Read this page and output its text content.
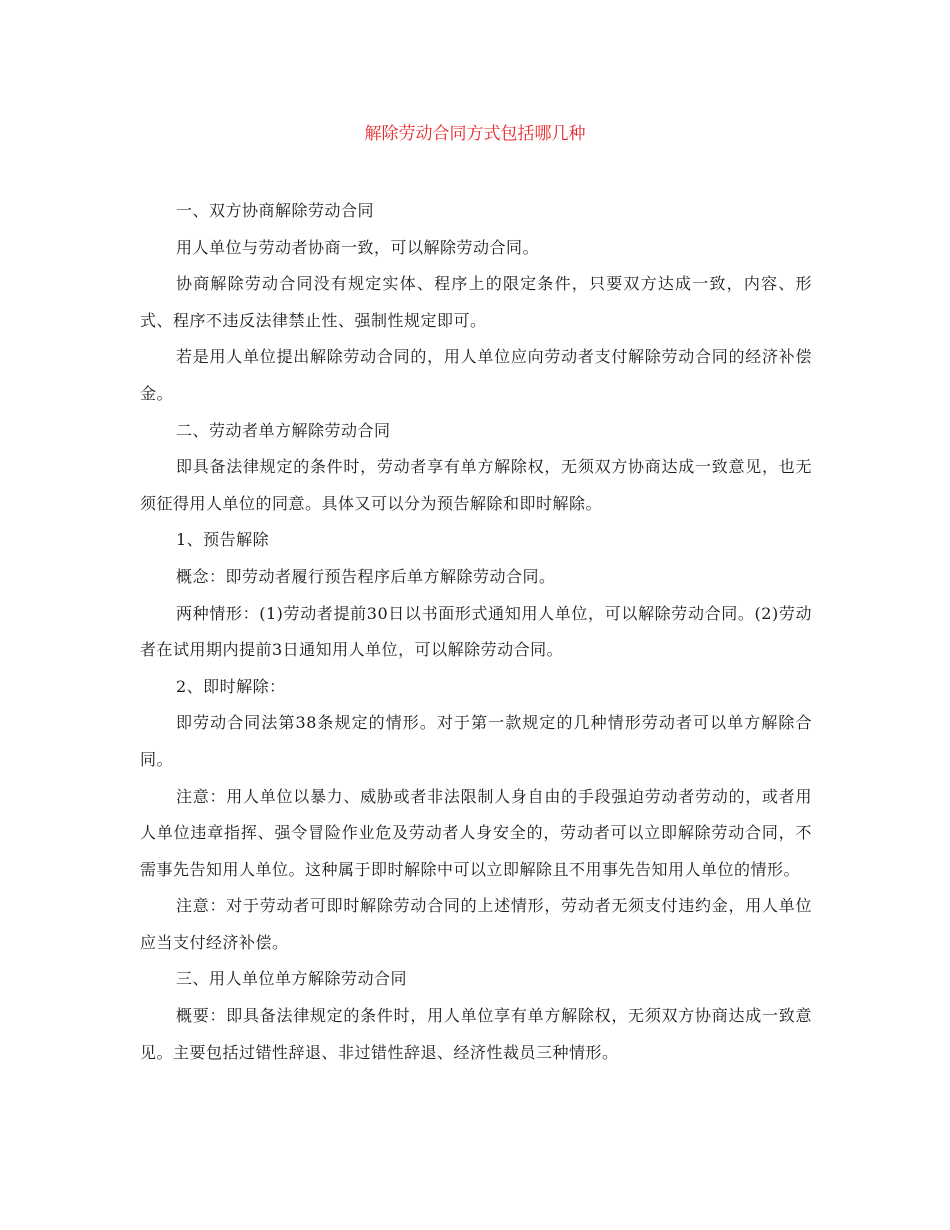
解除劳动合同方式包括哪几种

一、双方协商解除劳动合同

用人单位与劳动者协商一致，可以解除劳动合同。

协商解除劳动合同没有规定实体、程序上的限定条件，只要双方达成一致，内容、形式、程序不违反法律禁止性、强制性规定即可。

若是用人单位提出解除劳动合同的，用人单位应向劳动者支付解除劳动合同的经济补偿金。

二、劳动者单方解除劳动合同

即具备法律规定的条件时，劳动者享有单方解除权，无须双方协商达成一致意见，也无须征得用人单位的同意。具体又可以分为预告解除和即时解除。

1、预告解除

概念：即劳动者履行预告程序后单方解除劳动合同。

两种情形：(1)劳动者提前30日以书面形式通知用人单位，可以解除劳动合同。(2)劳动者在试用期内提前3日通知用人单位，可以解除劳动合同。

2、即时解除：

即劳动合同法第38条规定的情形。对于第一款规定的几种情形劳动者可以单方解除合同。

注意：用人单位以暴力、威胁或者非法限制人身自由的手段强迫劳动者劳动的，或者用人单位违章指挥、强令冒险作业危及劳动者人身安全的，劳动者可以立即解除劳动合同，不需事先告知用人单位。这种属于即时解除中可以立即解除且不用事先告知用人单位的情形。

注意：对于劳动者可即时解除劳动合同的上述情形，劳动者无须支付违约金，用人单位应当支付经济补偿。

三、用人单位单方解除劳动合同

概要：即具备法律规定的条件时，用人单位享有单方解除权，无须双方协商达成一致意见。主要包括过错性辞退、非过错性辞退、经济性裁员三种情形。
